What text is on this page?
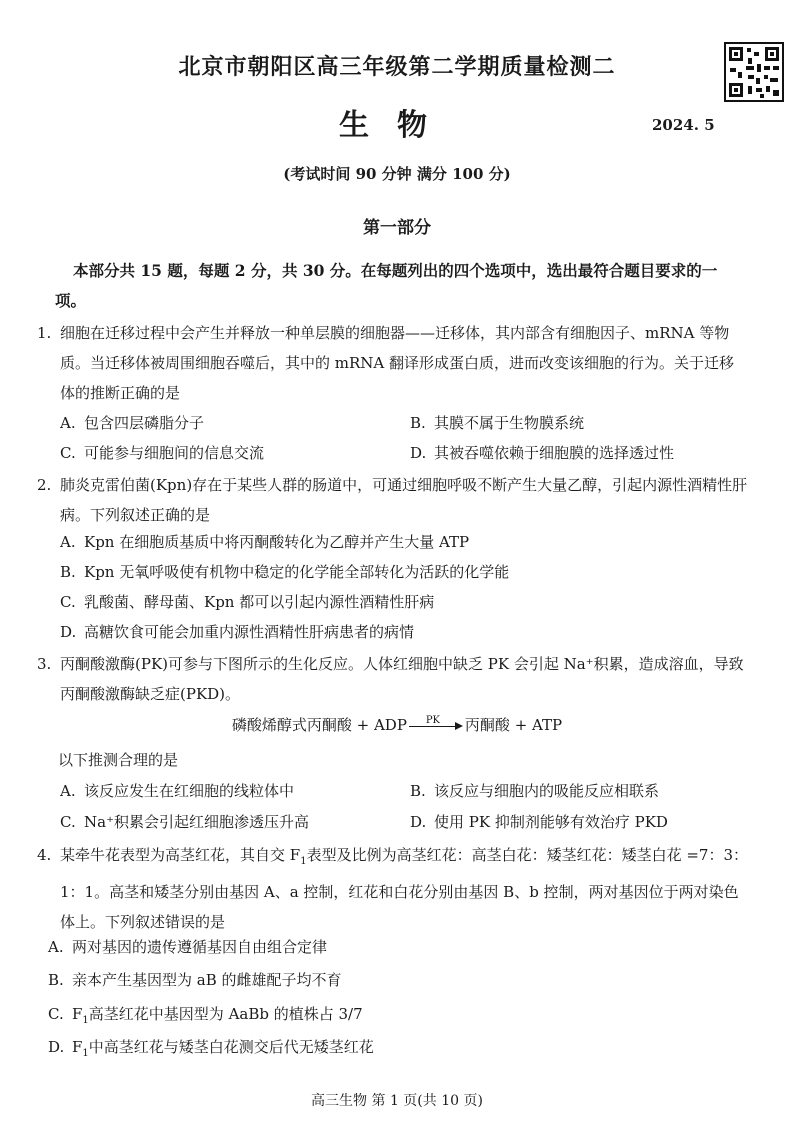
北京市朝阳区高三年级第二学期质量检测二
生物	2024. 5
(考试时间 90 分钟 满分 100 分)
第一部分
本部分共 15 题，每题 2 分，共 30 分。在每题列出的四个选项中，选出最符合题目要求的一项。
1. 细胞在迁移过程中会产生并释放一种单层膜的细胞器——迁移体，其内部含有细胞因子、mRNA 等物质。当迁移体被周围细胞吞噬后，其中的 mRNA 翻译形成蛋白质，进而改变该细胞的行为。关于迁移体的推断正确的是
A. 包含四层磷脂分子	B. 其膜不属于生物膜系统
C. 可能参与细胞间的信息交流	D. 其被吞噬依赖于细胞膜的选择透过性
2. 肺炎克雷伯菌(Kpn)存在于某些人群的肠道中，可通过细胞呼吸不断产生大量乙醇，引起内源性酒精性肝病。下列叙述正确的是
A. Kpn 在细胞质基质中将丙酮酸转化为乙醇并产生大量 ATP
B. Kpn 无氧呼吸使有机物中稳定的化学能全部转化为活跃的化学能
C. 乳酸菌、酵母菌、Kpn 都可以引起内源性酒精性肝病
D. 高糖饮食可能会加重内源性酒精性肝病患者的病情
3. 丙酮酸激酶(PK)可参与下图所示的生化反应。人体红细胞中缺乏 PK 会引起 Na⁺积累，造成溶血，导致丙酮酸激酶缺乏症(PKD)。
磷酸烯醇式丙酮酸 + ADP	PK	丙酮酸 + ATP
以下推测合理的是
A. 该反应发生在红细胞的线粒体中	B. 该反应与细胞内的吸能反应相联系
C. Na⁺积累会引起红细胞渗透压升高	D. 使用 PK 抑制剂能够有效治疗 PKD
4. 某牵牛花表型为高茎红花，其自交 $F_1$表型及比例为高茎红花：高茎白花：矮茎红花：矮茎白花 =7：3：1：1。高茎和矮茎分别由基因 A、a 控制，红花和白花分别由基因 B、b 控制，两对基因位于两对染色体上。下列叙述错误 · ·的是
A. 两对基因的遗传遵循基因自由组合定律
B. 亲本产生基因型为 aB 的雌雄配子均不育
C. $F_1$高茎红花中基因型为 AaBb 的植株占 3/7
D. $F_1$中高茎红花与矮茎白花测交后代无矮茎红花
高三生物 第 1 页(共 10 页)
